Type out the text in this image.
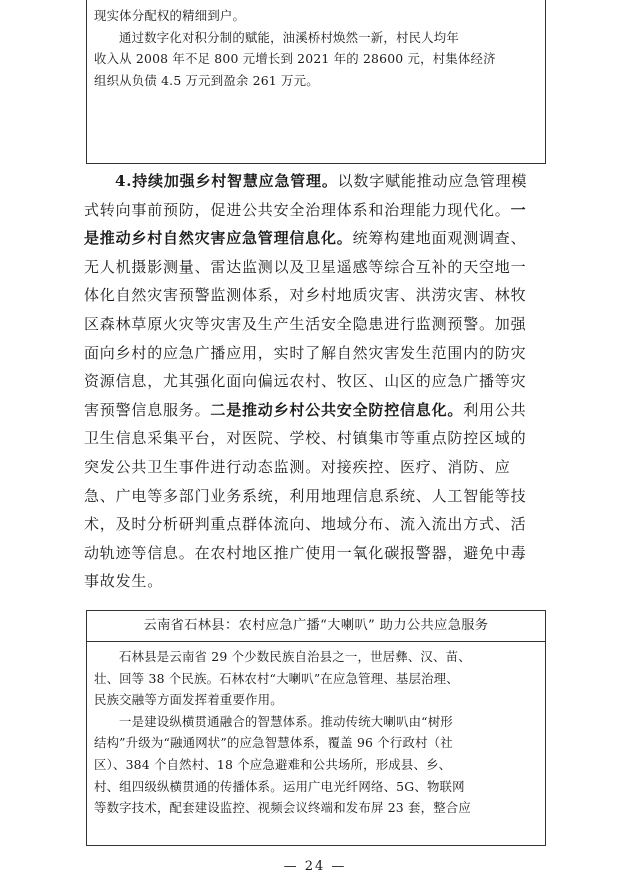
现实体分配权的精细到户。

通过数字化对积分制的赋能，油溪桥村焕然一新，村民人均年

收入从 2008 年不足 800 元增长到 2021 年的 28600 元，村集体经济

组织从负债 4.5 万元到盈余 261 万元。

4.持续加强乡村智慧应急管理。以数字赋能推动应急管理模

式转向事前预防，促进公共安全治理体系和治理能力现代化。一

是推动乡村自然灾害应急管理信息化。统筹构建地面观测调查、

无人机摄影测量、雷达监测以及卫星遥感等综合互补的天空地一

体化自然灾害预警监测体系，对乡村地质灾害、洪涝灾害、林牧

区森林草原火灾等灾害及生产生活安全隐患进行监测预警。加强

面向乡村的应急广播应用，实时了解自然灾害发生范围内的防灾

资源信息，尤其强化面向偏远农村、牧区、山区的应急广播等灾

害预警信息服务。二是推动乡村公共安全防控信息化。利用公共

卫生信息采集平台，对医院、学校、村镇集市等重点防控区域的

突发公共卫生事件进行动态监测。对接疾控、医疗、消防、应

急、广电等多部门业务系统，利用地理信息系统、人工智能等技

术，及时分析研判重点群体流向、地域分布、流入流出方式、活

动轨迹等信息。在农村地区推广使用一氧化碳报警器，避免中毒

事故发生。

云南省石林县：农村应急广播“大喇叭” 助力公共应急服务

石林县是云南省 29 个少数民族自治县之一，世居彝、汉、苗、

壮、回等 38 个民族。石林农村“大喇叭”在应急管理、基层治理、

民族交融等方面发挥着重要作用。

一是建设纵横贯通融合的智慧体系。推动传统大喇叭由“树形

结构”升级为“融通网状”的应急智慧体系，覆盖 96 个行政村（社

区）、384 个自然村、18 个应急避难和公共场所，形成县、乡、

村、组四级纵横贯通的传播体系。运用广电光纤网络、5G、物联网

等数字技术，配套建设监控、视频会议终端和发布屏 23 套，整合应

— 24 —
